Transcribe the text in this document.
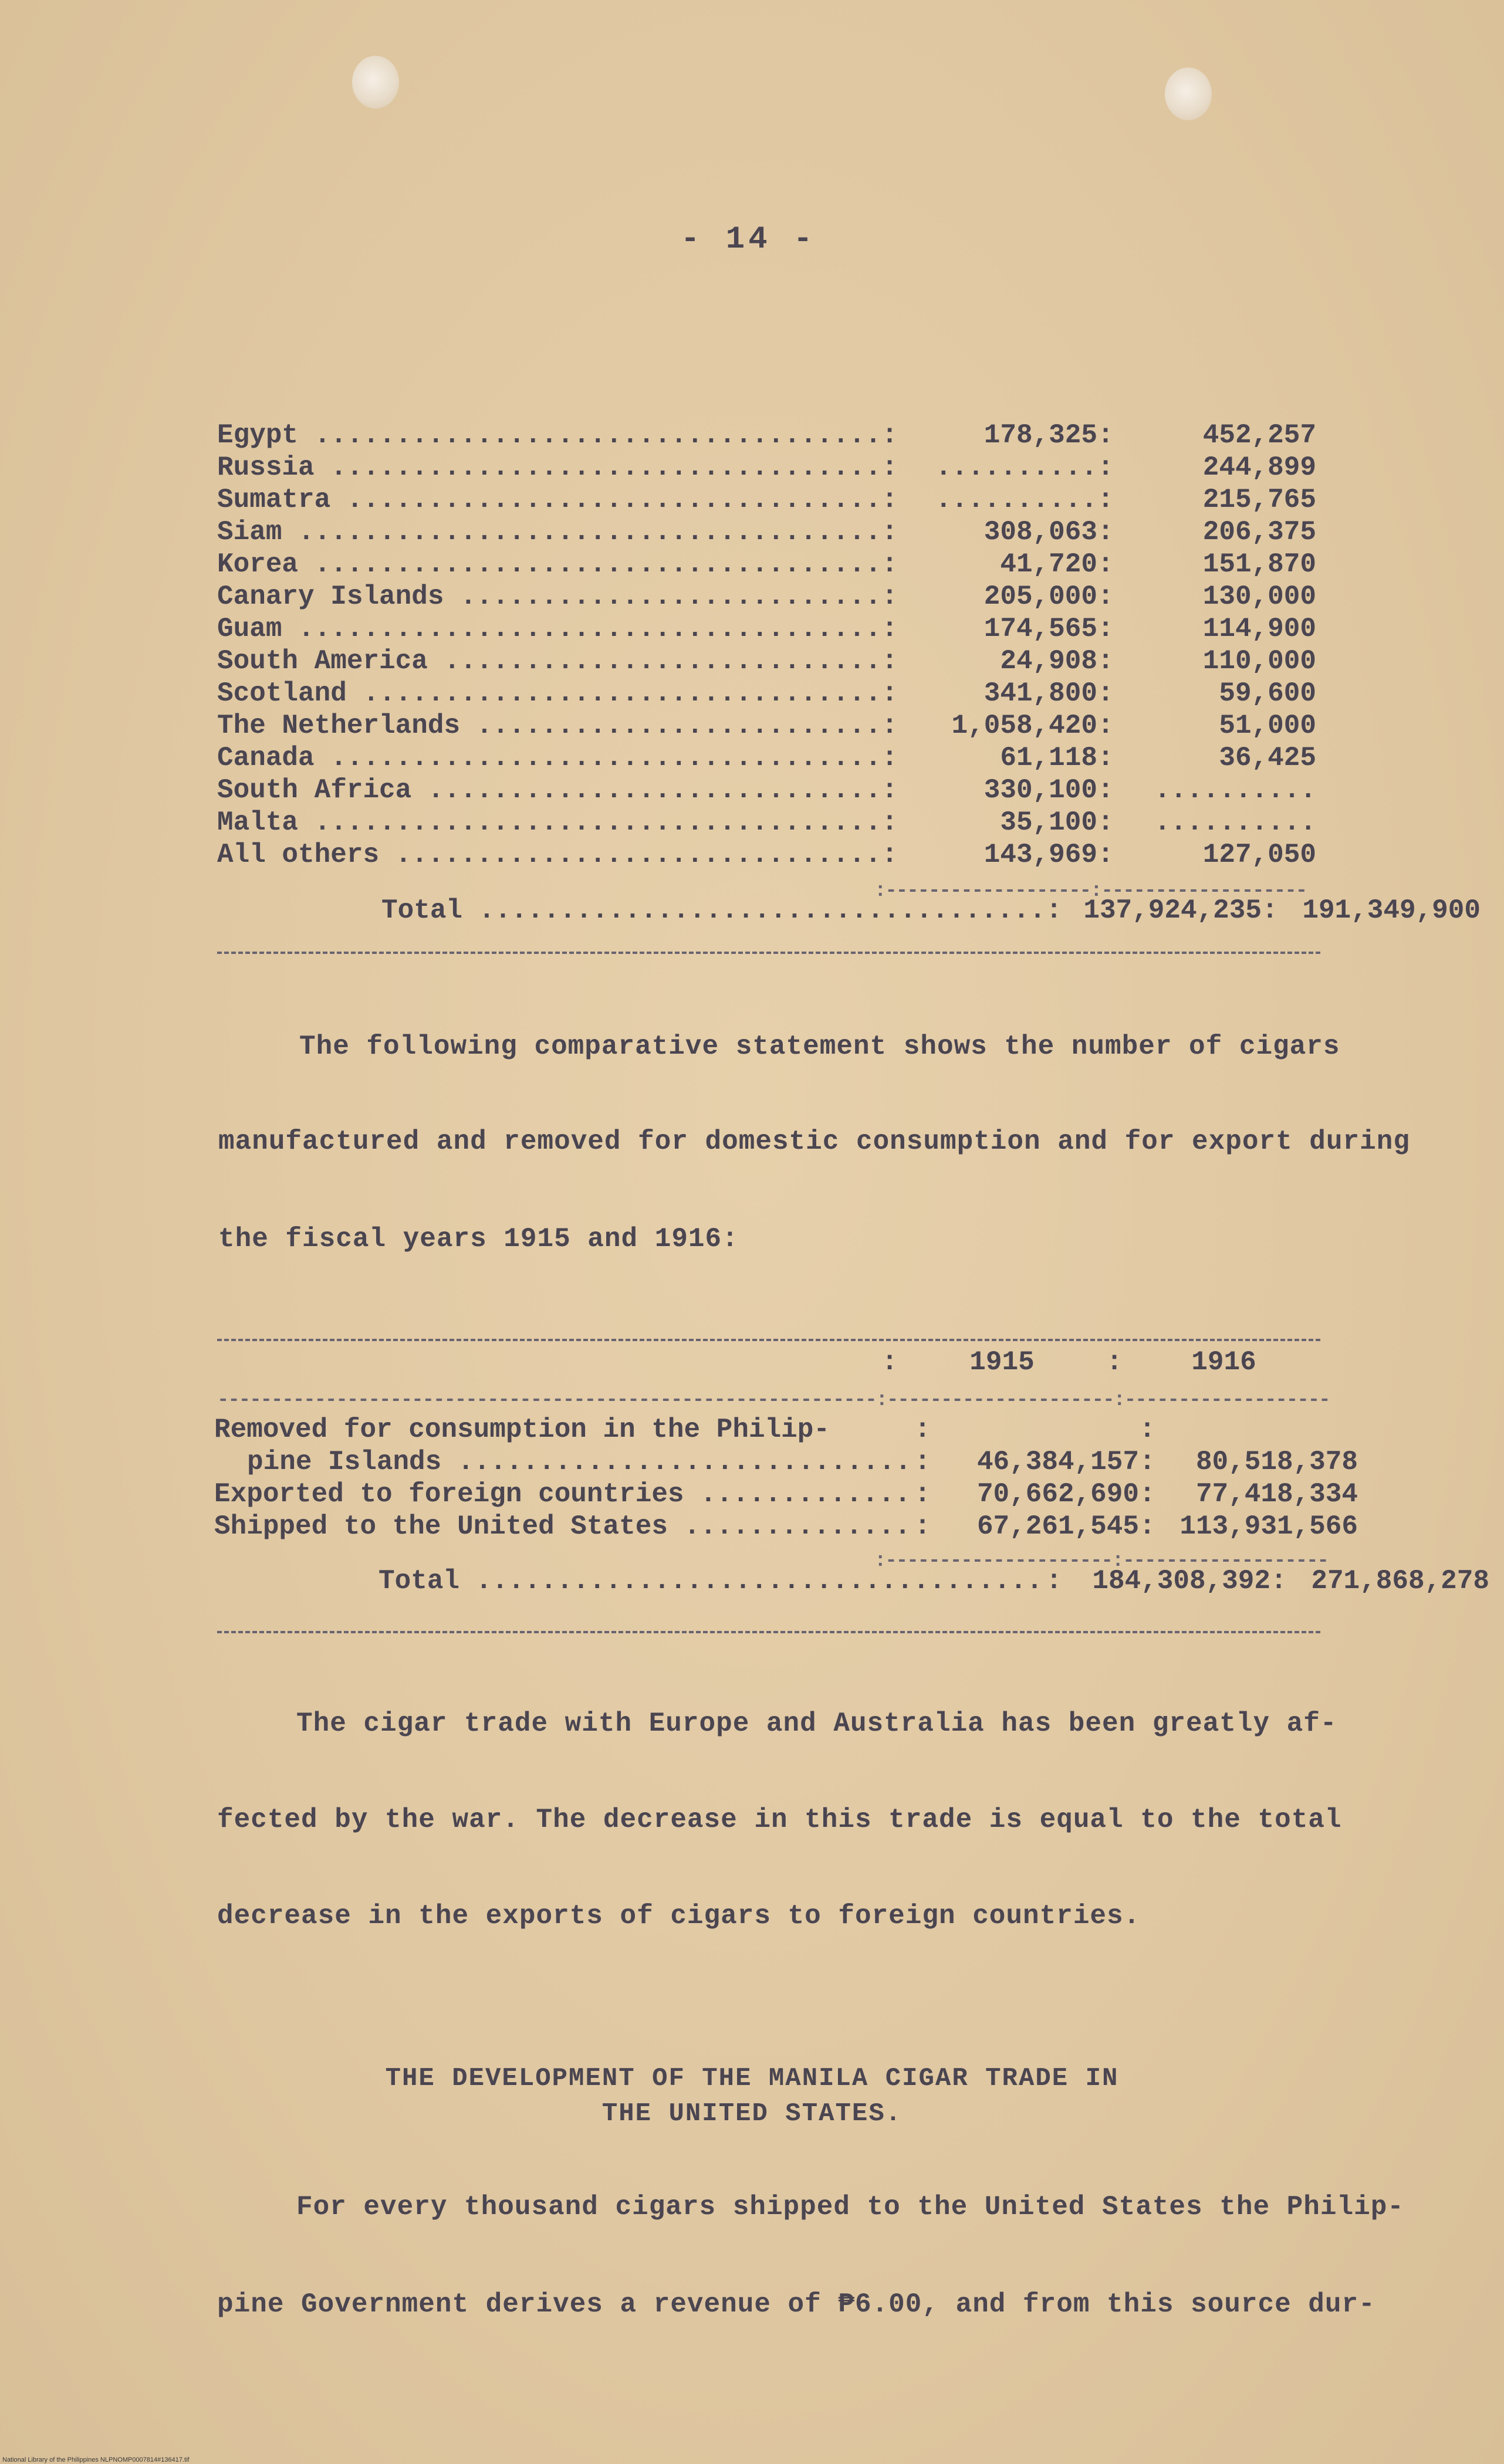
- 14 -
Egypt .....	:	178,325	:	452,257
Russia .....	:	..........	:	244,899
Sumatra .....	:	..........	:	215,765
Siam .....	:	308,063	:	206,375
Korea .....	:	41,720	:	151,870
Canary Islands .....	:	205,000	:	130,000
Guam .....	:	174,565	:	114,900
South America .....	:	24,908	:	110,000
Scotland .....	:	341,800	:	59,600
The Netherlands .....	:	1,058,420	:	51,000
Canada .....	:	61,118	:	36,425
South Africa .....	:	330,100	:	..........
Malta .....	:	35,100	:	..........
All others .....	:	143,969	:	127,050
:-------------------:-------------------
Total .....	:	137,924,235	:	191,349,900
The following comparative statement shows the number of cigars
manufactured and removed for domestic consumption and for export during
the fiscal years 1915 and 1916:
	:	1915	:	1916
-------------------------------------------------------------:---------------------:-------------------
Removed for consumption in the Philip-	:		:	
pine Islands .....	:	46,384,157	:	80,518,378
Exported to foreign countries .....	:	70,662,690	:	77,418,334
Shipped to the United States .....	:	67,261,545	:	113,931,566
:---------------------:-------------------
Total .....	:	184,308,392	:	271,868,278
The cigar trade with Europe and Australia has been greatly af-
fected by the war. The decrease in this trade is equal to the total
decrease in the exports of cigars to foreign countries.
THE DEVELOPMENT OF THE MANILA CIGAR TRADE IN
THE UNITED STATES.
For every thousand cigars shipped to the United States the Philip-
pine Government derives a revenue of ₱6.00, and from this source dur-
National Library of the Philippines NLPNOMP0007814#136417.tif
